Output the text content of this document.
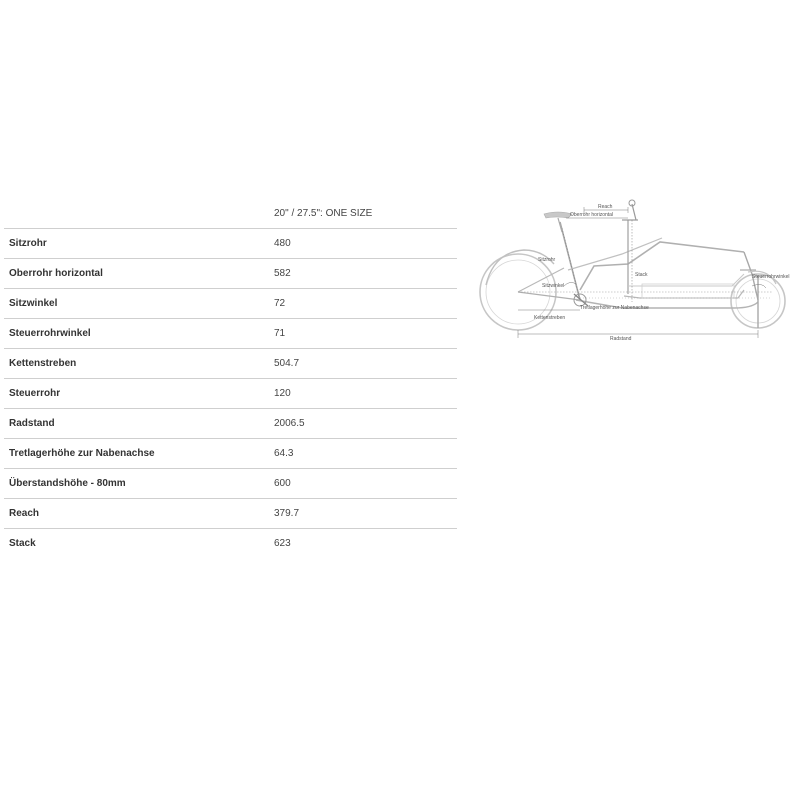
20" / 27.5": ONE SIZE
Sitzrohr	480
Oberrohr horizontal	582
Sitzwinkel	72
Steuerrohrwinkel	71
Kettenstreben	504.7
Steuerrohr	120
Radstand	2006.5
Tretlagerhöhe zur Nabenachse	64.3
Überstandshöhe - 80mm	600
Reach	379.7
Stack	623
Reach
Oberrohr horizontal
Sitzrohr
Stack
Sitzwinkel
Steuerrohrwinkel
Tretlagerhöhe zur Nabenachse
Kettenstreben
Radstand
